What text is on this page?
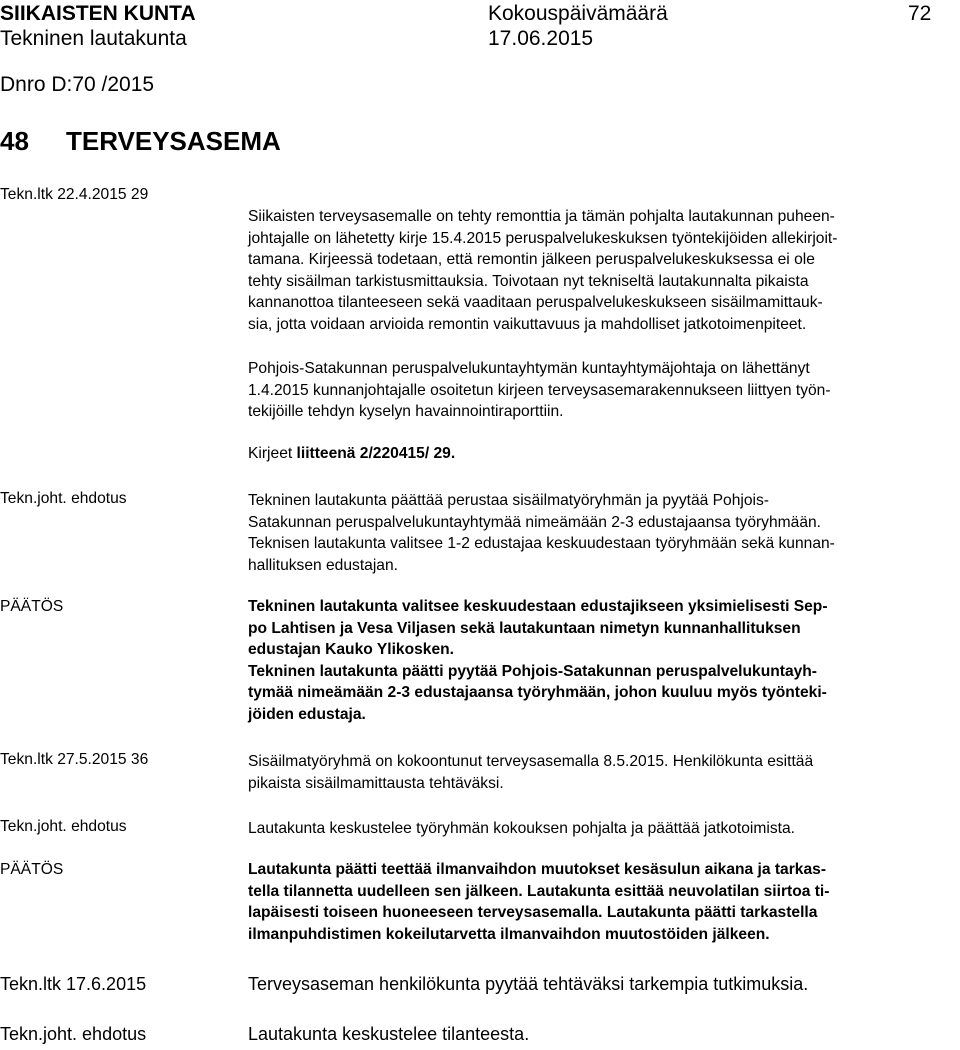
SIIKAISTEN KUNTA	Kokouspäivämäärä	72
Tekninen lautakunta	17.06.2015
Dnro D:70 /2015
48 TERVEYSASEMA
Tekn.ltk 22.4.2015 29
Siikaisten terveysasemalle on tehty remonttia ja tämän pohjalta lautakunnan puheen-
johtajalle on lähetetty kirje 15.4.2015 peruspalvelukeskuksen työntekijöiden allekirjoit-
tamana. Kirjeessä todetaan, että remontin jälkeen peruspalvelukeskuksessa ei ole
tehty sisäilman tarkistusmittauksia. Toivotaan nyt tekniseltä lautakunnalta pikaista
kannanottoa tilanteeseen sekä vaaditaan peruspalvelukeskukseen sisäilmamittauk-
sia, jotta voidaan arvioida remontin vaikuttavuus ja mahdolliset jatkotoimenpiteet.
Pohjois-Satakunnan peruspalvelukuntayhtymän kuntayhtymäjohtaja on lähettänyt
1.4.2015 kunnanjohtajalle osoitetun kirjeen terveysasemarakennukseen liittyen työn-
tekijöille tehdyn kyselyn havainnointiraporttiin.
Kirjeet liitteenä 2/220415/ 29.
Tekn.joht. ehdotus	Tekninen lautakunta päättää perustaa sisäilmatyöryhmän ja pyytää Pohjois-
Satakunnan peruspalvelukuntayhtymää nimeämään 2-3 edustajaansa työryhmään.
Teknisen lautakunta valitsee 1-2 edustajaa keskuudestaan työryhmään sekä kunnan-
hallituksen edustajan.
PÄÄTÖS	Tekninen lautakunta valitsee keskuudestaan edustajikseen yksimielisesti Sep-
po Lahtisen ja Vesa Viljasen sekä lautakuntaan nimetyn kunnanhallituksen
edustajan Kauko Ylikosken.
Tekninen lautakunta päätti pyytää Pohjois-Satakunnan peruspalvelukuntayh-
tymää nimeämään 2-3 edustajaansa työryhmään, johon kuuluu myös työnteki-
jöiden edustaja.
Tekn.ltk 27.5.2015 36	Sisäilmatyöryhmä on kokoontunut terveysasemalla 8.5.2015. Henkilökunta esittää
pikaista sisäilmamittausta tehtäväksi.
Tekn.joht. ehdotus	Lautakunta keskustelee työryhmän kokouksen pohjalta ja päättää jatkotoimista.
PÄÄTÖS	Lautakunta päätti teettää ilmanvaihdon muutokset kesäsulun aikana ja tarkas-
tella tilannetta uudelleen sen jälkeen. Lautakunta esittää neuvolatilan siirtoa ti-
lapäisesti toiseen huoneeseen terveysasemalla. Lautakunta päätti tarkastella
ilmanpuhdistimen kokeilutarvetta ilmanvaihdon muutostöiden jälkeen.
Tekn.ltk 17.6.2015	Terveysaseman henkilökunta pyytää tehtäväksi tarkempia tutkimuksia.
Tekn.joht. ehdotus	Lautakunta keskustelee tilanteesta.
